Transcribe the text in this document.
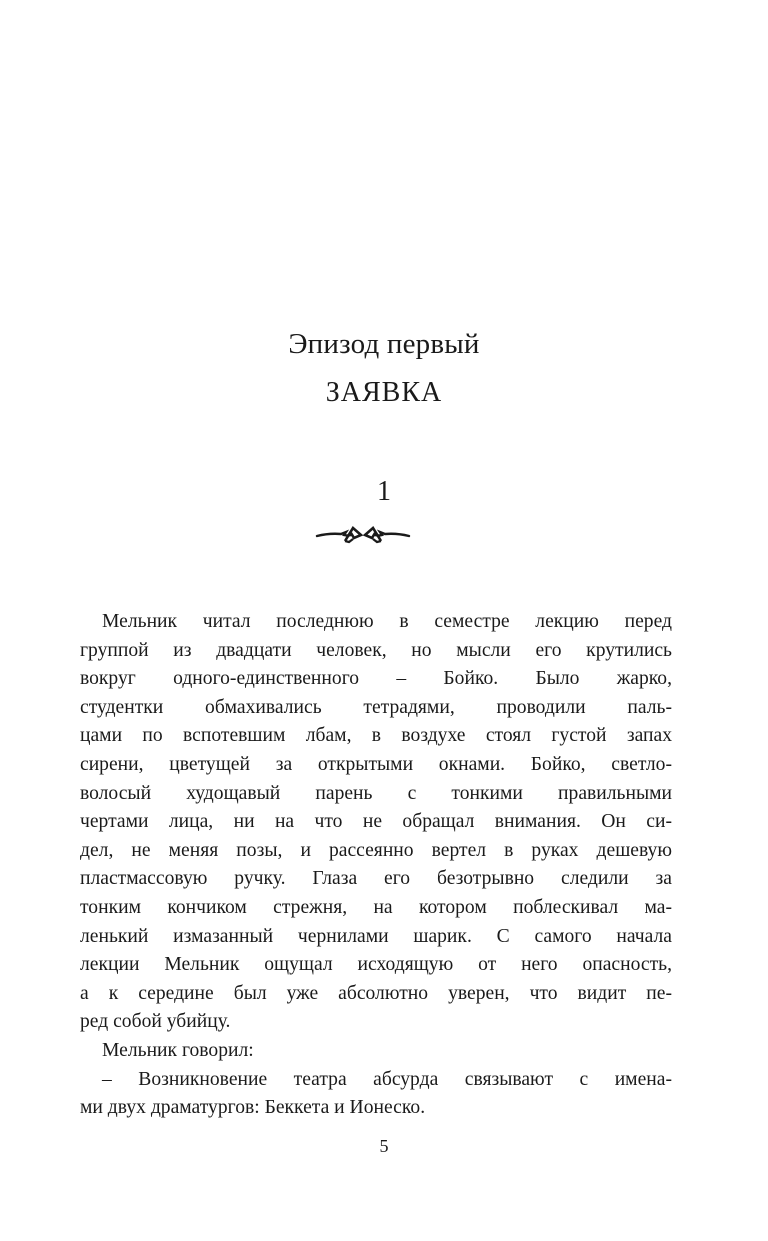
Эпизод первый
ЗАЯВКА
1
Мельник читал последнюю в семестре лекцию перед
группой из двадцати человек, но мысли его крутились
вокруг одного-единственного – Бойко. Было жарко,
студентки обмахивались тетрадями, проводили паль-
цами по вспотевшим лбам, в воздухе стоял густой запах
сирени, цветущей за открытыми окнами. Бойко, светло-
волосый худощавый парень с тонкими правильными
чертами лица, ни на что не обращал внимания. Он си-
дел, не меняя позы, и рассеянно вертел в руках дешевую
пластмассовую ручку. Глаза его безотрывно следили за
тонким кончиком стрежня, на котором поблескивал ма-
ленький измазанный чернилами шарик. С самого начала
лекции Мельник ощущал исходящую от него опасность,
а к середине был уже абсолютно уверен, что видит пе-
ред собой убийцу.
Мельник говорил:
– Возникновение театра абсурда связывают с имена-
ми двух драматургов: Беккета и Ионеско.
5
